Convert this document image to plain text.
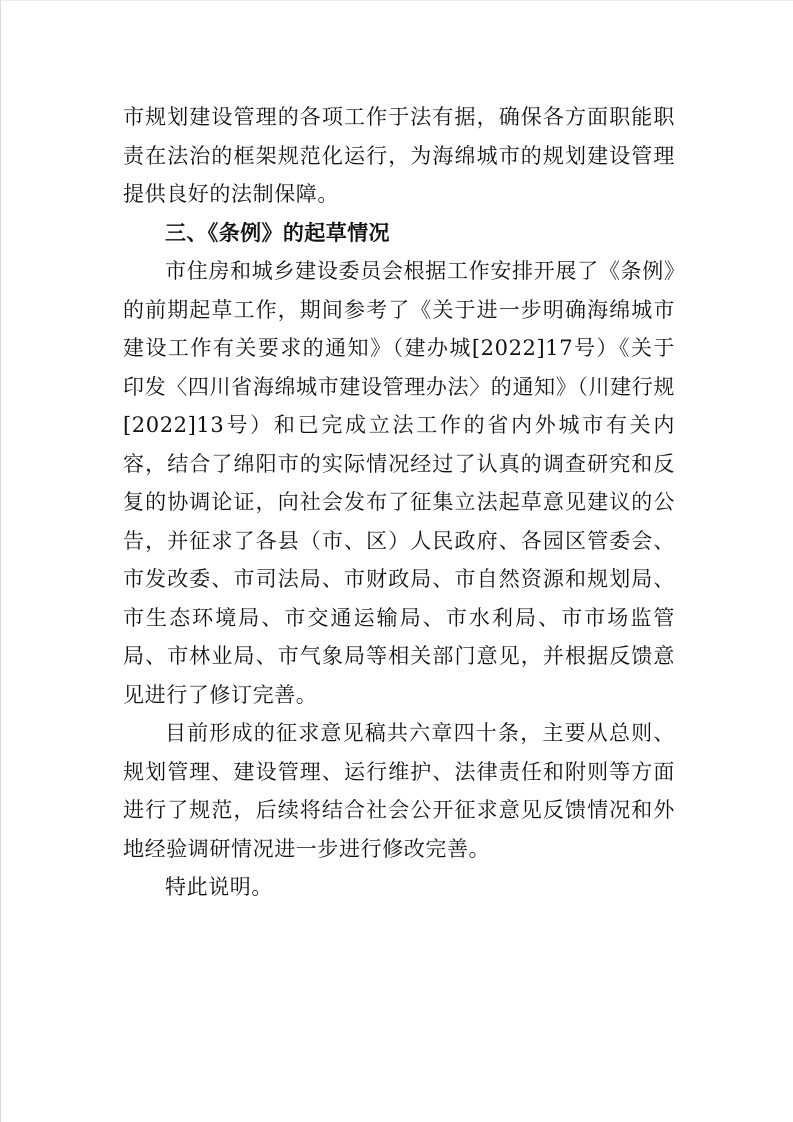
市规划建设管理的各项工作于法有据，确保各方面职能职责在法治的框架规范化运行，为海绵城市的规划建设管理提供良好的法制保障。

三、《条例》的起草情况

市住房和城乡建设委员会根据工作安排开展了《条例》的前期起草工作，期间参考了《关于进一步明确海绵城市建设工作有关要求的通知》（建办城[2022]17号）《关于印发〈四川省海绵城市建设管理办法〉的通知》（川建行规[2022]13号）和已完成立法工作的省内外城市有关内容，结合了绵阳市的实际情况经过了认真的调查研究和反复的协调论证，向社会发布了征集立法起草意见建议的公告，并征求了各县（市、区）人民政府、各园区管委会、市发改委、市司法局、市财政局、市自然资源和规划局、市生态环境局、市交通运输局、市水利局、市市场监管局、市林业局、市气象局等相关部门意见，并根据反馈意见进行了修订完善。

目前形成的征求意见稿共六章四十条，主要从总则、规划管理、建设管理、运行维护、法律责任和附则等方面进行了规范，后续将结合社会公开征求意见反馈情况和外地经验调研情况进一步进行修改完善。

特此说明。
